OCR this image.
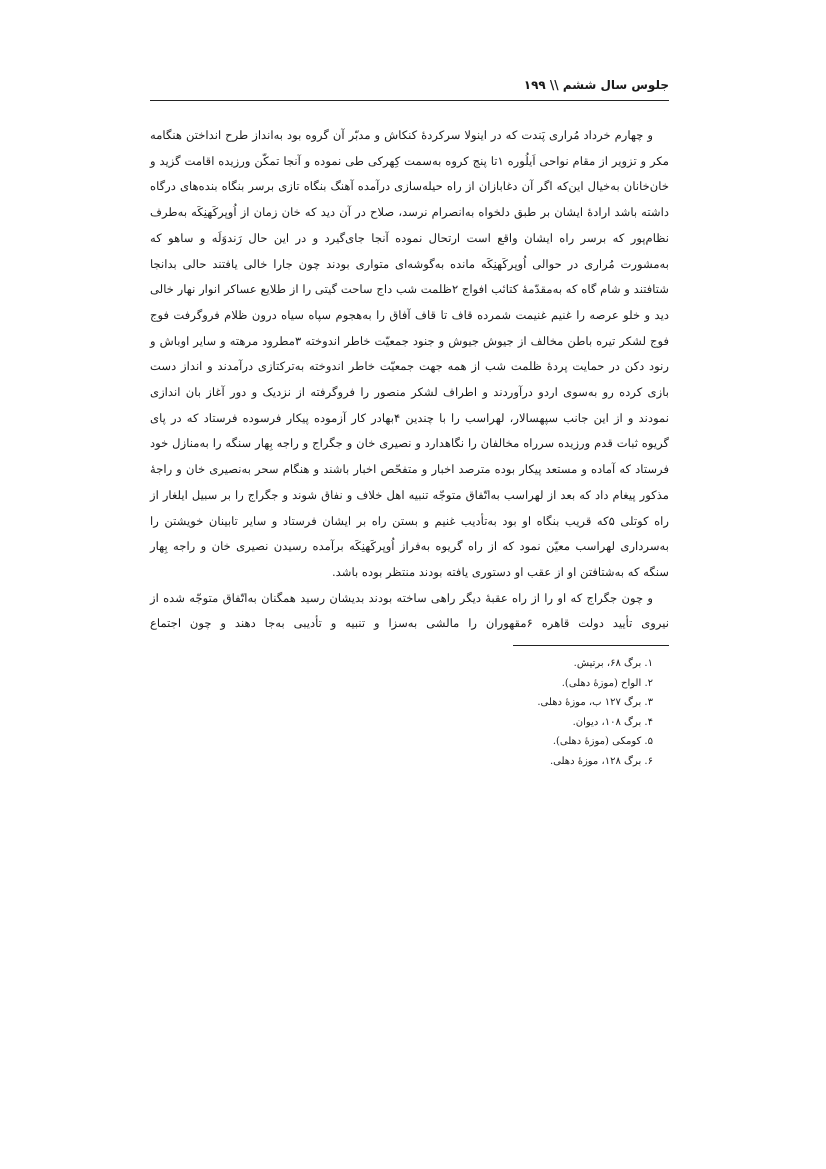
جلوس سال ششم \\ ۱۹۹

و چهارم خرداد مُراری پَندت که در اینولا سرکردهٔ کنکاش و مدبّر آن گروه بود به‌انداز طرح انداختن هنگامه مکر و تزویر از مقام نواحی اَیلُوره ۱تا پنج کروه به‌سمت کِهرکی طی نموده و آنجا تمکّن ورزیده اقامت گزید و خان‌خانان به‌خیال این‌که اگر آن دغابازان از راه حیله‌سازی درآمده آهنگ بنگاه تازی برسر بنگاه بنده‌های درگاه داشته باشد ارادهٔ ایشان بر طبق دلخواه به‌انصرام نرسد، صلاح در آن دید که خان زمان از اُوپرکَهنِکَه به‌طرف نظام‌پور که برسر راه ایشان واقع است ارتحال نموده آنجا جای‌گیرد و در این حال رَندوَلَه و ساهو که به‌مشورت مُراری در حوالی اُوپرکَهنِکَه مانده به‌گوشه‌ای متواری بودند چون جارا خالی یافتند حالی بدانجا شتافتند و شام گاه که به‌مقدّمهٔ کتائب افواج ۲ظلمت شب داج ساحت گیتی را از طلایع عساکر انوار نهار خالی دید و خلو عرصه را غنیم غنیمت شمرده قاف تا قاف آفاق را به‌هجوم سپاه سیاه درون ظلام فروگرفت فوج فوج لشکر تیره باطن مخالف از جیوش جیوش و جنود جمعیّت خاطر اندوخته ۳مطرود مرهته و سایر اوباش و رنود دکن در حمایت پردهٔ ظلمت شب از همه جهت جمعیّت خاطر اندوخته به‌ترکتازی درآمدند و انداز دست بازی کرده رو به‌سوی اردو درآوردند و اطراف لشکر منصور را فروگرفته از نزدیک و دور آغاز بان اندازی نمودند و از این جانب سپهسالار، لهراسب را با چندین ۴بهادر کار آزموده پیکار فرسوده فرستاد که در پای گریوه ثبات قدم ورزیده سرراه مخالفان را نگاهدارد و نصیری خان و جگراج و راجه بِهار سنگه را به‌منازل خود فرستاد که آماده و مستعد پیکار بوده مترصد اخبار و متفحّص اخبار باشند و هنگام سحر به‌نصیری خان و راجهٔ مذکور پیغام داد که بعد از لهراسب به‌اتّفاق متوجّه تنبیه اهل خلاف و نفاق شوند و جگراج را بر سبیل ایلغار از راه کوتلی ۵که قریب بنگاه او بود به‌تأدیب غنیم و بستن راه بر ایشان فرستاد و سایر تابینان خویشتن را به‌سرداری لهراسب معیّن نمود که از راه گریوه به‌فراز اُوپرکَهنِکَه برآمده رسیدن نصیری خان و راجه بِهار سنگه که به‌شتافتن او از عقب او دستوری یافته بودند منتظر بوده باشد.

و چون جگراج که او را از راه عقبهٔ دیگر راهی ساخته بودند بدیشان رسید همگنان به‌اتّفاق متوجّه شده از نیروی تأیید دولت قاهره ۶مقهوران را مالشی به‌سزا و تنبیه و تأدیبی به‌جا دهند و چون اجتماع

۱. برگ ۶۸، برتیش.
۲. الواح (موزهٔ دهلی).
۳. برگ ۱۲۷ ب، موزهٔ دهلی.
۴. برگ ۱۰۸، دیوان.
۵. کومکی (موزهٔ دهلی).
۶. برگ ۱۲۸، موزهٔ دهلی.
